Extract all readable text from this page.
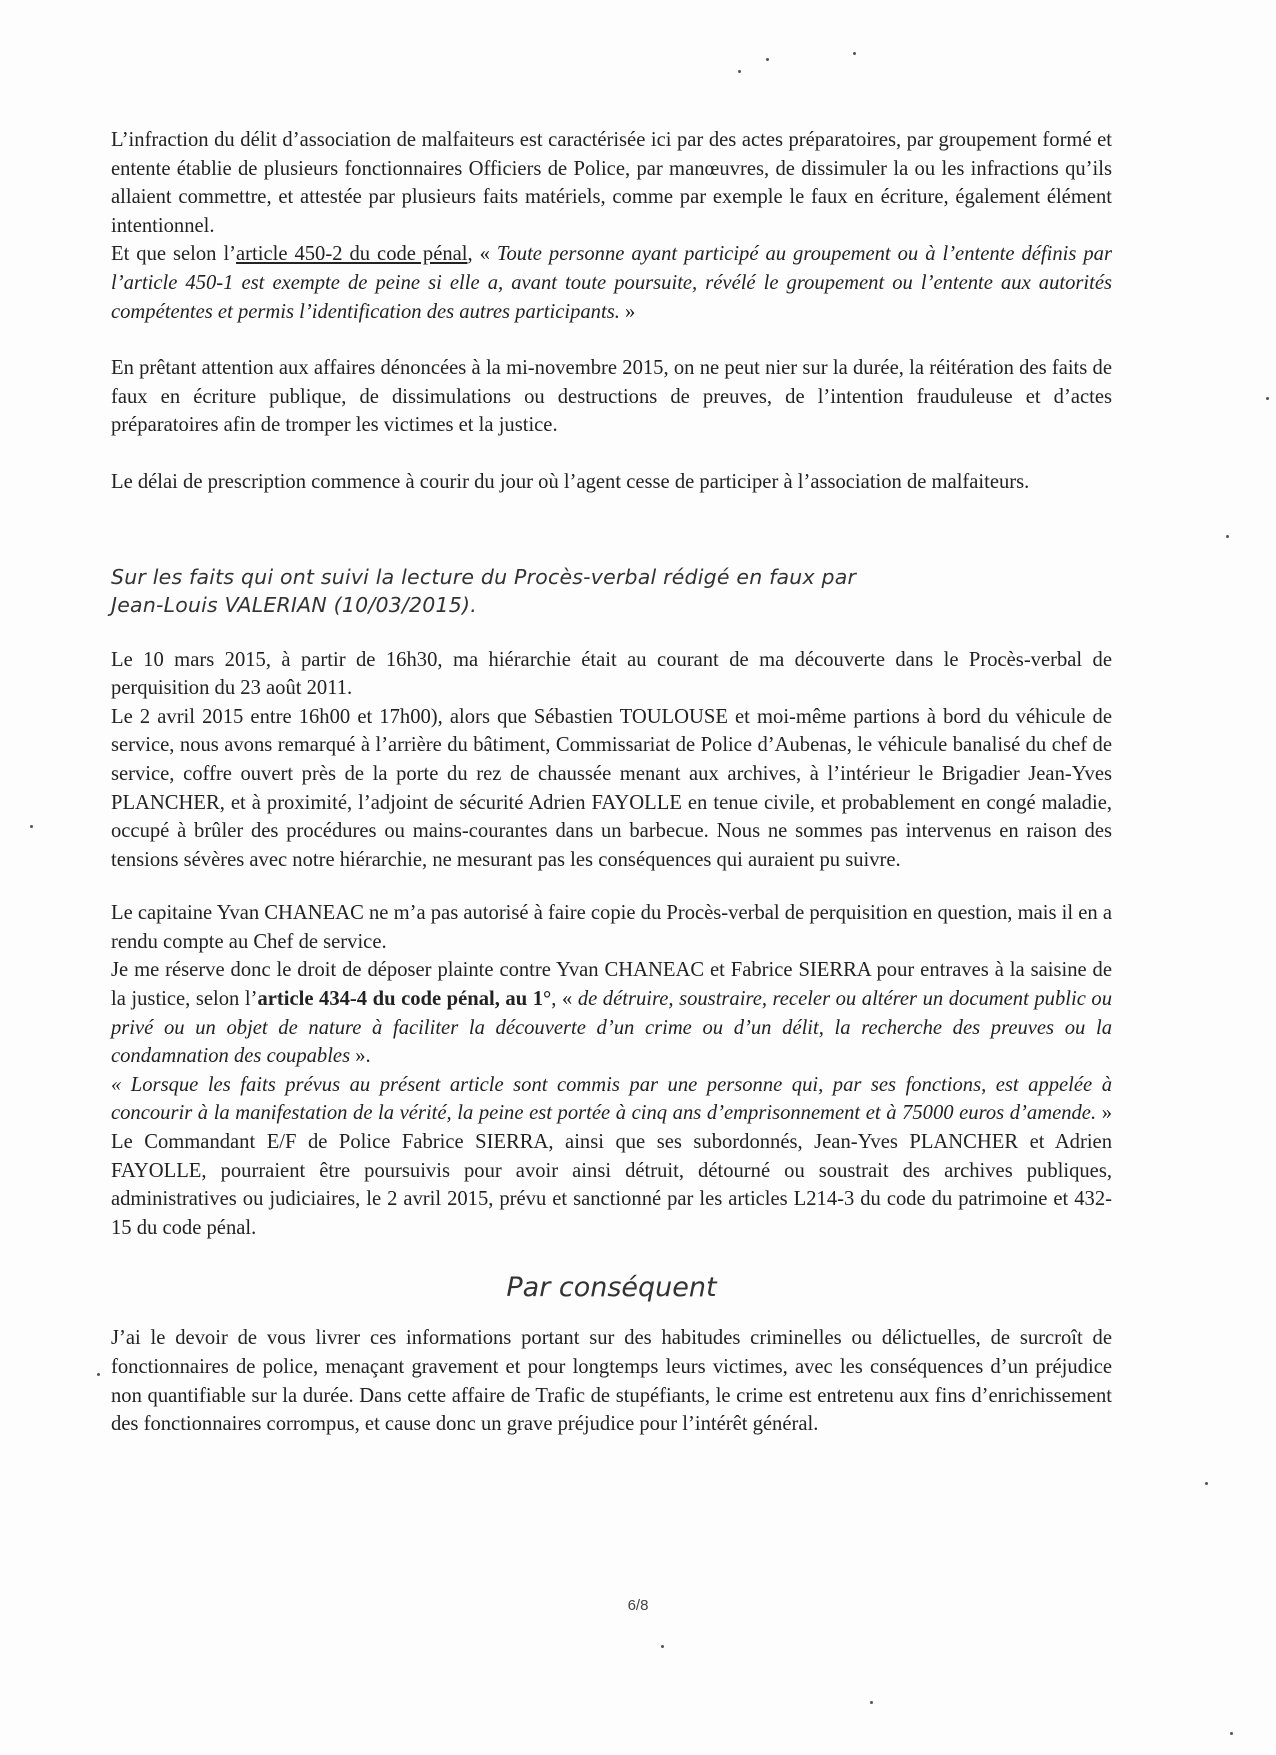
L’infraction du délit d’association de malfaiteurs est caractérisée ici par des actes préparatoires, par groupement formé et entente établie de plusieurs fonctionnaires Officiers de Police, par manœuvres, de dissimuler la ou les infractions qu’ils allaient commettre, et attestée par plusieurs faits matériels, comme par exemple le faux en écriture, également élément intentionnel.

Et que selon l’article 450-2 du code pénal, « Toute personne ayant participé au groupement ou à l’entente définis par l’article 450-1 est exempte de peine si elle a, avant toute poursuite, révélé le groupement ou l’entente aux autorités compétentes et permis l’identification des autres participants. »

En prêtant attention aux affaires dénoncées à la mi-novembre 2015, on ne peut nier sur la durée, la réitération des faits de faux en écriture publique, de dissimulations ou destructions de preuves, de l’intention frauduleuse et d’actes préparatoires afin de tromper les victimes et la justice.

Le délai de prescription commence à courir du jour où l’agent cesse de participer à l’association de malfaiteurs.

Sur les faits qui ont suivi la lecture du Procès-verbal rédigé en faux par
Jean-Louis VALERIAN (10/03/2015).

Le 10 mars 2015, à partir de 16h30, ma hiérarchie était au courant de ma découverte dans le Procès-verbal de perquisition du 23 août 2011.

Le 2 avril 2015 entre 16h00 et 17h00), alors que Sébastien TOULOUSE et moi-même partions à bord du véhicule de service, nous avons remarqué à l’arrière du bâtiment, Commissariat de Police d’Aubenas, le véhicule banalisé du chef de service, coffre ouvert près de la porte du rez de chaussée menant aux archives, à l’intérieur le Brigadier Jean-Yves PLANCHER, et à proximité, l’adjoint de sécurité Adrien FAYOLLE en tenue civile, et probablement en congé maladie, occupé à brûler des procédures ou mains-courantes dans un barbecue. Nous ne sommes pas intervenus en raison des tensions sévères avec notre hiérarchie, ne mesurant pas les conséquences qui auraient pu suivre.

Le capitaine Yvan CHANEAC ne m’a pas autorisé à faire copie du Procès-verbal de perquisition en question, mais il en a rendu compte au Chef de service.

Je me réserve donc le droit de déposer plainte contre Yvan CHANEAC et Fabrice SIERRA pour entraves à la saisine de la justice, selon l’article 434-4 du code pénal, au 1°, « de détruire, soustraire, receler ou altérer un document public ou privé ou un objet de nature à faciliter la découverte d’un crime ou d’un délit, la recherche des preuves ou la condamnation des coupables ».
« Lorsque les faits prévus au présent article sont commis par une personne qui, par ses fonctions, est appelée à concourir à la manifestation de la vérité, la peine est portée à cinq ans d’emprisonnement et à 75000 euros d’amende. » Le Commandant E/F de Police Fabrice SIERRA, ainsi que ses subordonnés, Jean-Yves PLANCHER et Adrien FAYOLLE, pourraient être poursuivis pour avoir ainsi détruit, détourné ou soustrait des archives publiques, administratives ou judiciaires, le 2 avril 2015, prévu et sanctionné par les articles L214-3 du code du patrimoine et 432-15 du code pénal.

Par conséquent

J’ai le devoir de vous livrer ces informations portant sur des habitudes criminelles ou délictuelles, de surcroît de fonctionnaires de police, menaçant gravement et pour longtemps leurs victimes, avec les conséquences d’un préjudice non quantifiable sur la durée. Dans cette affaire de Trafic de stupéfiants, le crime est entretenu aux fins d’enrichissement des fonctionnaires corrompus, et cause donc un grave préjudice pour l’intérêt général.

6/8
